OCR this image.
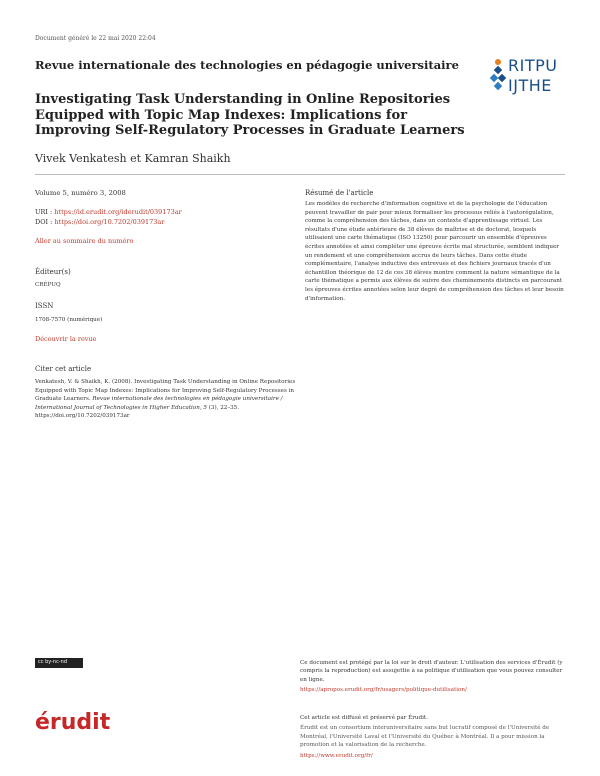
Document généré le 22 mai 2020 22:04
Revue internationale des technologies en pédagogie universitaire	RITPU
IJTHE
Investigating Task Understanding in Online Repositories Equipped with Topic Map Indexes: Implications for Improving Self-Regulatory Processes in Graduate Learners
Vivek Venkatesh et Kamran Shaikh
Volume 5, numéro 3, 2008
URI : https://id.erudit.org/iderudit/039173ar
DOI : https://doi.org/10.7202/039173ar
Aller au sommaire du numéro
Éditeur(s)
CRÉPUQ
ISSN
1708-7570 (numérique)
Découvrir la revue
Citer cet article
Venkatesh, V. & Shaikh, K. (2008). Investigating Task Understanding in Online Repositories Equipped with Topic Map Indexes: Implications for Improving Self-Regulatory Processes in Graduate Learners. Revue internationale des technologies en pédagogie universitaire / International Journal of Technologies in Higher Education, 5 (3), 22–35. https://doi.org/10.7202/039173ar
Résumé de l'article
Les modèles de recherche d'information cognitive et de la psychologie de l'éducation peuvent travailler de pair pour mieux formaliser les processus reliés à l'autorégulation, comme la compréhension des tâches, dans un contexte d'apprentissage virtuel. Les résultats d'une étude antérieure de 38 élèves de maîtrise et de doctorat, lesquels utilisaient une carte thématique (ISO 13250) pour parcourir un ensemble d'épreuves écrites annotées et ainsi compléter une épreuve écrite mal structurée, semblent indiquer un rendement et une compréhension accrus de leurs tâches. Dans cette étude complémentaire, l'analyse inductive des entrevues et des fichiers journaux tracés d'un échantillon théorique de 12 de ces 38 élèves montre comment la nature sémantique de la carte thématique a permis aux élèves de suivre des cheminements distincts en parcourant les épreuves écrites annotées selon leur degré de compréhension des tâches et leur besoin d'information.
cc by-nc-nd	Ce document est protégé par la loi sur le droit d'auteur. L'utilisation des services d'Érudit (y compris la reproduction) est assujettie à sa politique d'utilisation que vous pouvez consulter en ligne.
https://apropos.erudit.org/fr/usagers/politique-dutilisation/
érudit	Cet article est diffusé et préservé par Érudit.
Érudit est un consortium interuniversitaire sans but lucratif composé de l'Université de Montréal, l'Université Laval et l'Université du Québec à Montréal. Il a pour mission la promotion et la valorisation de la recherche.
https://www.erudit.org/fr/
